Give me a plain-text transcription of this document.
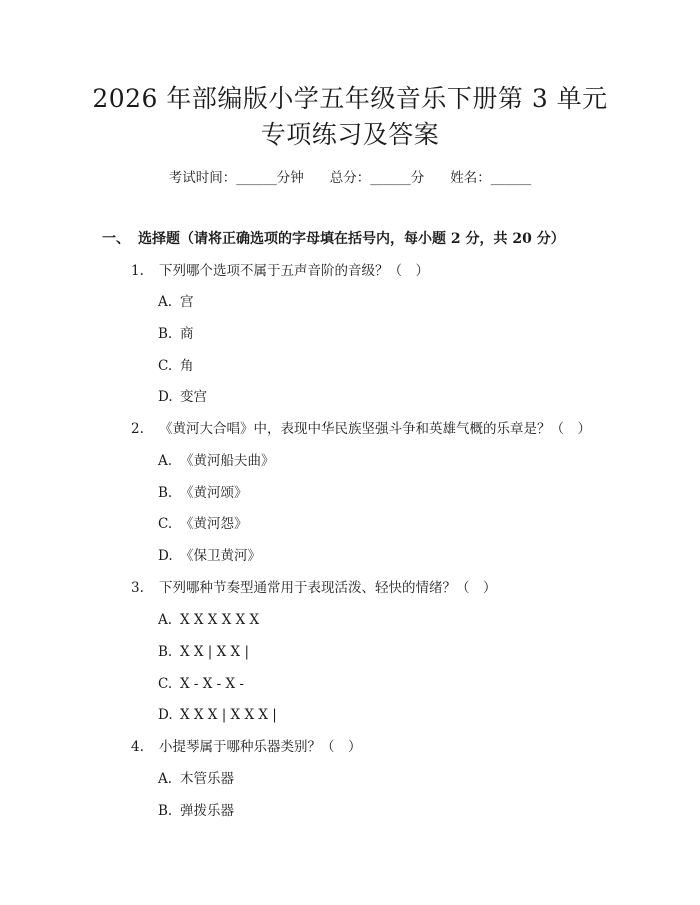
2026 年部编版小学五年级音乐下册第 3 单元
专项练习及答案
考试时间：______分钟 总分：______分 姓名：______
一、 选择题（请将正确选项的字母填在括号内，每小题 2 分，共 20 分）
1. 下列哪个选项不属于五声音阶的音级？（　）
A. 宫
B. 商
C. 角
D. 变宫
2. 《黄河大合唱》中，表现中华民族坚强斗争和英雄气概的乐章是？（　）
A. 《黄河船夫曲》
B. 《黄河颂》
C. 《黄河怨》
D. 《保卫黄河》
3. 下列哪种节奏型通常用于表现活泼、轻快的情绪？（　）
A. X X X X X X
B. X X | X X |
C. X - X - X -
D. X X X | X X X |
4. 小提琴属于哪种乐器类别？（　）
A. 木管乐器
B. 弹拨乐器
